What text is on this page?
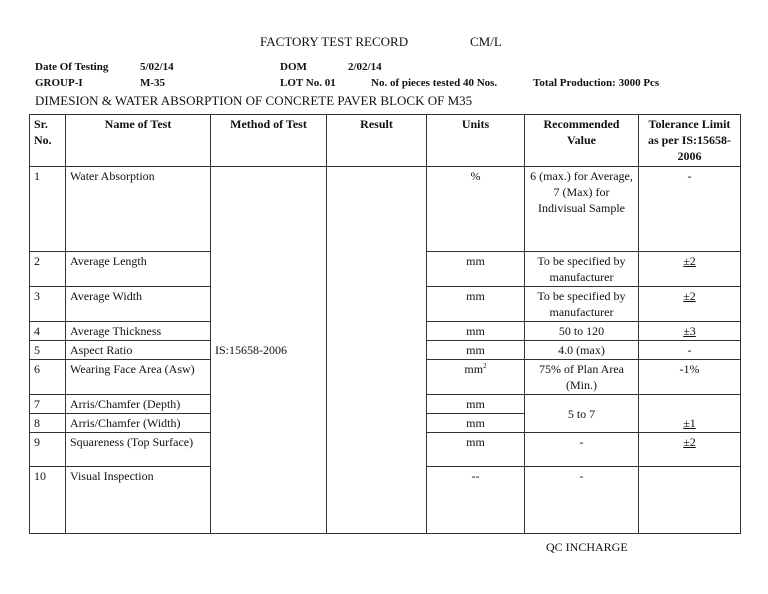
FACTORY TEST RECORD	CM/L
Date Of Testing	5/02/14	DOM	2/02/14
GROUP-I	M-35	LOT No. 01	No. of pieces tested 40 Nos.	Total Production: 3000 Pcs
DIMESION & WATER ABSORPTION OF CONCRETE PAVER BLOCK OF M35
Sr. No.	Name of Test	Method of Test	Result	Units	Recommended Value	Tolerance Limit as per IS:15658-2006
1	Water Absorption	IS:15658-2006		%	6 (max.) for Average, 7 (Max) for Indivisual Sample	-
2	Average Length			mm	To be specified by manufacturer	±2
3	Average Width			mm	To be specified by manufacturer	±2
4	Average Thickness			mm	50 to 120	±3
5	Aspect Ratio			mm	4.0 (max)	-
6	Wearing Face Area (Asw)			$mm^2$	75% of Plan Area (Min.)	-1%
7	Arris/Chamfer (Depth)			mm	5 to 7	±1
8	Arris/Chamfer (Width)			mm		
9	Squareness (Top Surface)			mm	-	±2
10	Visual Inspection			--	-	
QC INCHARGE
